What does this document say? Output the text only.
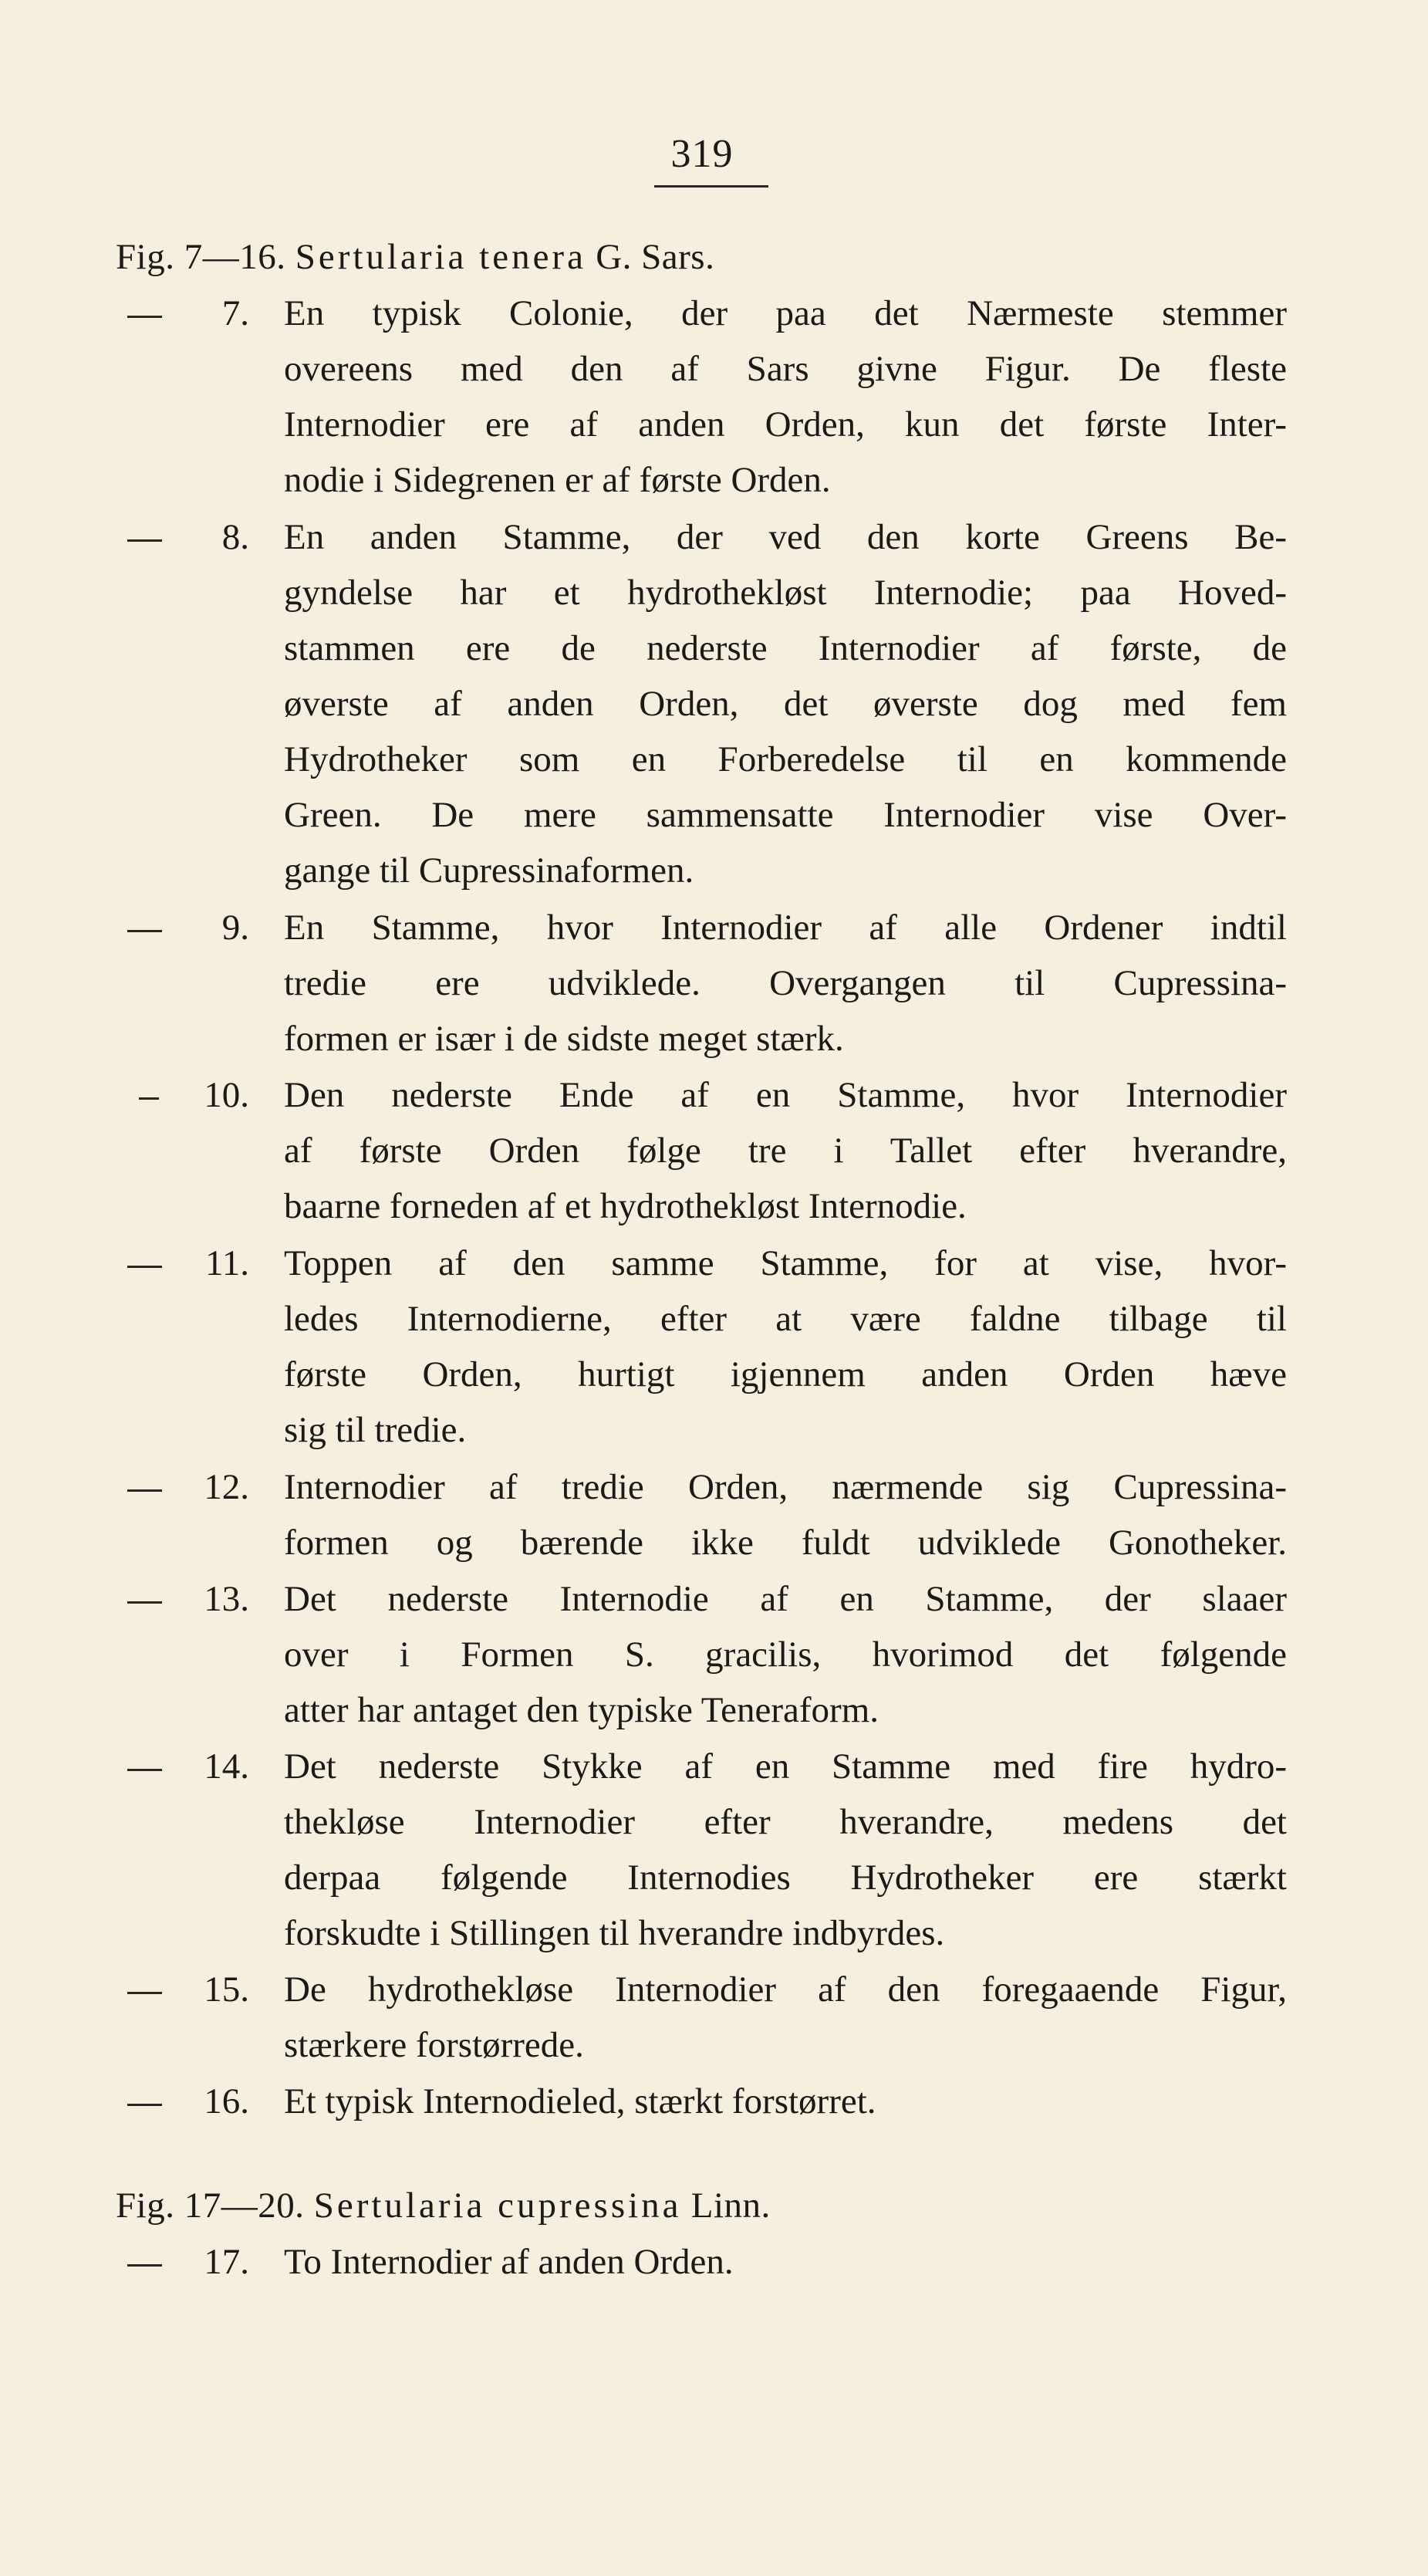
319
Fig. 7—16. Sertularia tenera G. Sars.
7. En typisk Colonie, der paa det Nærmeste stemmer
overeens med den af Sars givne Figur. De fleste
Internodier ere af anden Orden, kun det første Inter-
nodie i Sidegrenen er af første Orden.
8. En anden Stamme, der ved den korte Greens Be-
gyndelse har et hydrothekløst Internodie; paa Hoved-
stammen ere de nederste Internodier af første, de
øverste af anden Orden, det øverste dog med fem
Hydrotheker som en Forberedelse til en kommende
Green. De mere sammensatte Internodier vise Over-
gange til Cupressinaformen.
9. En Stamme, hvor Internodier af alle Ordener indtil
tredie ere udviklede. Overgangen til Cupressina-
formen er især i de sidste meget stærk.
10. Den nederste Ende af en Stamme, hvor Internodier
af første Orden følge tre i Tallet efter hverandre,
baarne forneden af et hydrothekløst Internodie.
11. Toppen af den samme Stamme, for at vise, hvor-
ledes Internodierne, efter at være faldne tilbage til
første Orden, hurtigt igjennem anden Orden hæve
sig til tredie.
12. Internodier af tredie Orden, nærmende sig Cupressina-
formen og bærende ikke fuldt udviklede Gonotheker.
13. Det nederste Internodie af en Stamme, der slaaer
over i Formen S. gracilis, hvorimod det følgende
atter har antaget den typiske Teneraform.
14. Det nederste Stykke af en Stamme med fire hydro-
thekløse Internodier efter hverandre, medens det
derpaa følgende Internodies Hydrotheker ere stærkt
forskudte i Stillingen til hverandre indbyrdes.
15. De hydrothekløse Internodier af den foregaaende Figur,
stærkere forstørrede.
16. Et typisk Internodieled, stærkt forstørret.
Fig. 17—20. Sertularia cupressina Linn.
17. To Internodier af anden Orden.
